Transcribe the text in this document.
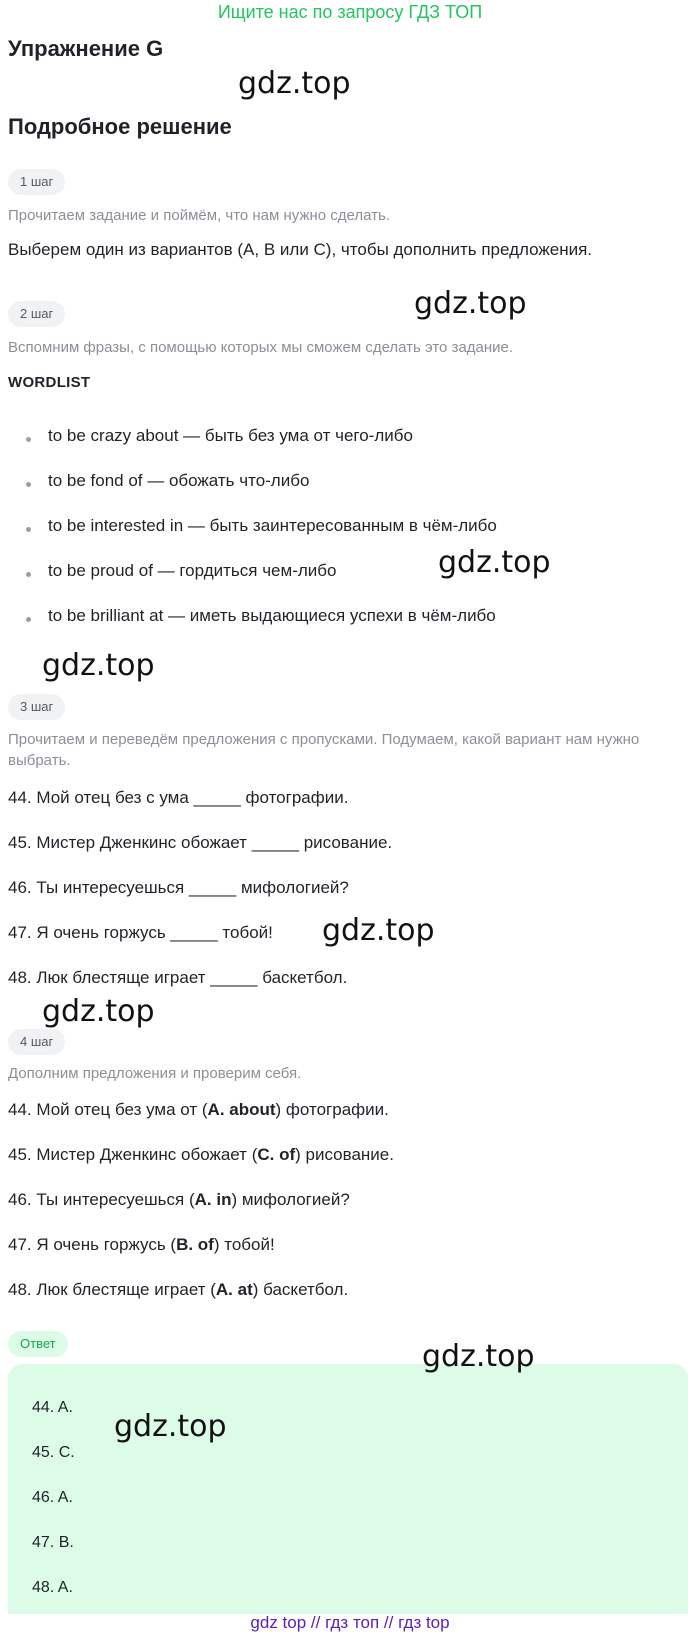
Ищите нас по запросу ГДЗ ТОП
Упражнение G
gdz.top
Подробное решение
1 шаг
Прочитаем задание и поймём, что нам нужно сделать.
Выберем один из вариантов (A, B или C), чтобы дополнить предложения.
gdz.top
2 шаг
Вспомним фразы, с помощью которых мы сможем сделать это задание.
WORDLIST
to be crazy about — быть без ума от чего-либо
to be fond of — обожать что-либо
to be interested in — быть заинтересованным в чём-либо
to be proud of — гордиться чем-либо	gdz.top
to be brilliant at — иметь выдающиеся успехи в чём-либо
gdz.top
3 шаг
Прочитаем и переведём предложения с пропусками. Подумаем, какой вариант нам нужно выбрать.
44. Мой отец без с ума _____ фотографии.
45. Мистер Дженкинс обожает _____ рисование.
46. Ты интересуешься _____ мифологией?
47. Я очень горжусь _____ тобой! gdz.top
48. Люк блестяще играет _____ баскетбол.
gdz.top
4 шаг
Дополним предложения и проверим себя.
44. Мой отец без ума от (A. about) фотографии.
45. Мистер Дженкинс обожает (C. of) рисование.
46. Ты интересуешься (A. in) мифологией?
47. Я очень горжусь (B. of) тобой!
48. Люк блестяще играет (A. at) баскетбол.
Ответ	gdz.top
44. A.
gdz.top
45. C.
46. A.
47. B.
48. A.
gdz top // гдз топ // гдз top
